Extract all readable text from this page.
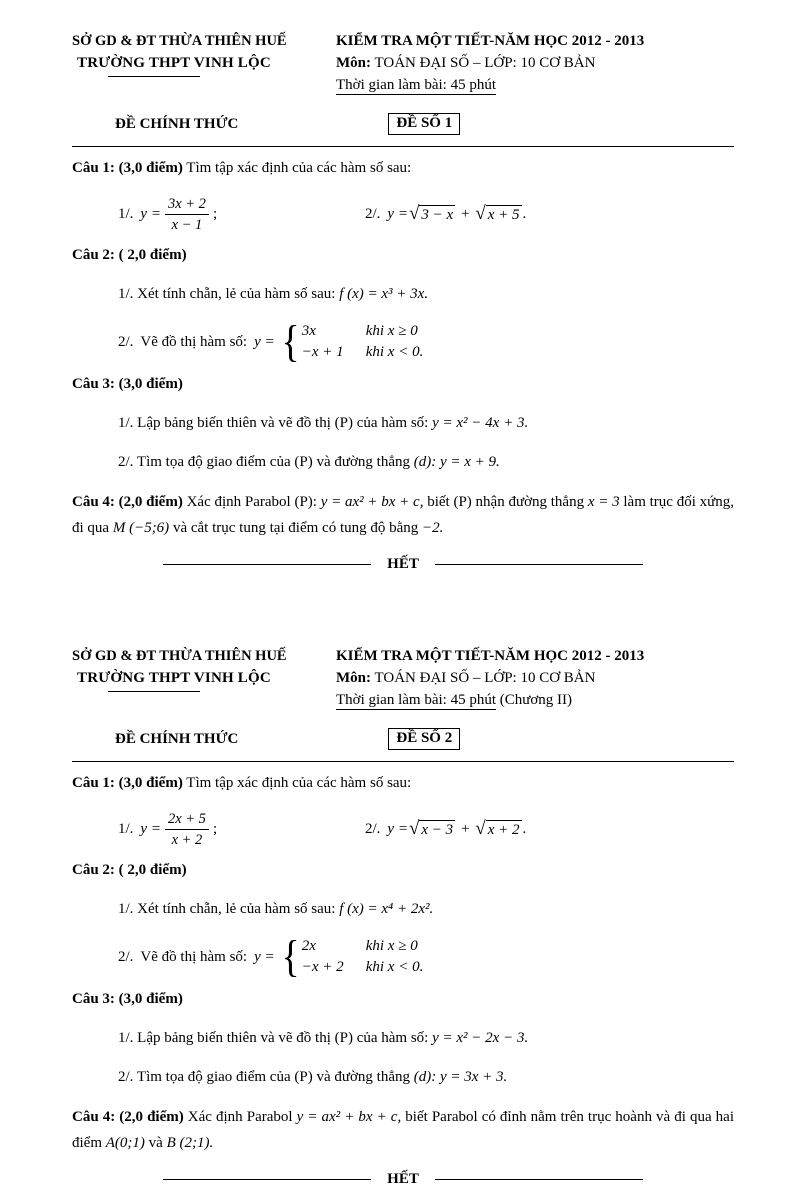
SỞ GD & ĐT THỪA THIÊN HUẾ
TRƯỜNG THPT VINH LỘC
KIỂM TRA MỘT TIẾT-NĂM HỌC 2012 - 2013
Môn: TOÁN ĐẠI SỐ – LỚP: 10 CƠ BẢN
Thời gian làm bài: 45 phút
ĐỀ CHÍNH THỨC	ĐỀ SỐ 1

Câu 1: (3,0 điểm) Tìm tập xác định của các hàm số sau:

1/. $y = \frac{3x + 2}{x - 1}$ ;	2/. y = √ 3 − x + √ x + 5 .

Câu 2: ( 2,0 điểm)

1/. Xét tính chẵn, lẻ của hàm số sau: f (x) = x³ + 3x.

2/. Vẽ đồ thị hàm số: y = { 3x	khi x ≥ 0
−x + 1	khi x < 0.

Câu 3: (3,0 điểm)

1/. Lập bảng biến thiên và vẽ đồ thị (P) của hàm số: y = x² − 4x + 3.

2/. Tìm tọa độ giao điểm của (P) và đường thẳng (d): y = x + 9.

Câu 4: (2,0 điểm) Xác định Parabol (P): y = ax² + bx + c, biết (P) nhận đường thẳng x = 3 làm trục đối xứng, đi qua M (−5;6) và cắt trục tung tại điểm có tung độ bằng −2.

HẾT
SỞ GD & ĐT THỪA THIÊN HUẾ
TRƯỜNG THPT VINH LỘC
KIỂM TRA MỘT TIẾT-NĂM HỌC 2012 - 2013
Môn: TOÁN ĐẠI SỐ – LỚP: 10 CƠ BẢN
Thời gian làm bài: 45 phút (Chương II)
ĐỀ CHÍNH THỨC	ĐỀ SỐ 2

Câu 1: (3,0 điểm) Tìm tập xác định của các hàm số sau:

1/. $y = \frac{2x + 5}{x + 2}$ ;	2/. y = √ x − 3 + √ x + 2 .

Câu 2: ( 2,0 điểm)

1/. Xét tính chẵn, lẻ của hàm số sau: f (x) = x⁴ + 2x².

2/. Vẽ đồ thị hàm số: y = { 2x	khi x ≥ 0
−x + 2	khi x < 0.

Câu 3: (3,0 điểm)

1/. Lập bảng biến thiên và vẽ đồ thị (P) của hàm số: y = x² − 2x − 3.

2/. Tìm tọa độ giao điểm của (P) và đường thẳng (d): y = 3x + 3.

Câu 4: (2,0 điểm) Xác định Parabol y = ax² + bx + c, biết Parabol có đỉnh nằm trên trục hoành và đi qua hai điểm A(0;1) và B (2;1).

HẾT
